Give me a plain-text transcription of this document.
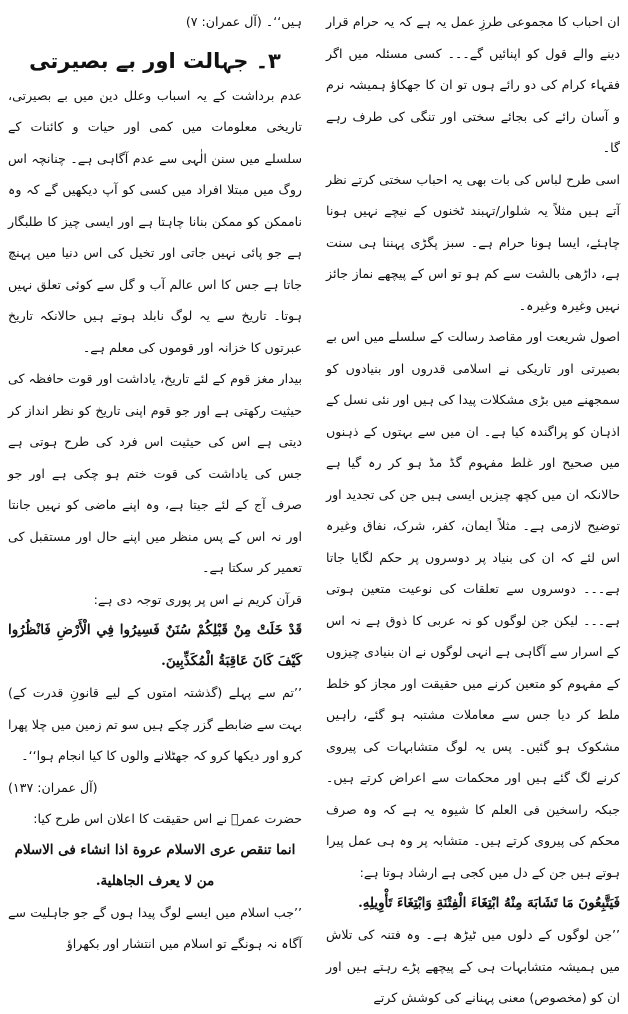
ہیں‘‘۔ (آل عمران: ۷)

۳۔ جہالت اور بے بصیرتی

عدم برداشت کے یہ اسباب وعلل دین میں بے بصیرتی، تاریخی معلومات میں کمی اور حیات و کائنات کے سلسلے میں سنن الٰہی سے عدم آگاہی ہے۔ چنانچہ اس روگ میں مبتلا افراد میں کسی کو آپ دیکھیں گے کہ وہ ناممکن کو ممکن بنانا چاہتا ہے اور ایسی چیز کا طلبگار ہے جو پائی نہیں جاتی اور تخیل کی اس دنیا میں پہنچ جاتا ہے جس کا اس عالم آب و گل سے کوئی تعلق نہیں ہوتا۔ تاریخ سے یہ لوگ نابلد ہوتے ہیں حالانکہ تاریخ عبرتوں کا خزانہ اور قوموں کی معلم ہے۔

بیدار مغز قوم کے لئے تاریخ، یاداشت اور قوت حافظہ کی حیثیت رکھتی ہے اور جو قوم اپنی تاریخ کو نظر انداز کر دیتی ہے اس کی حیثیت اس فرد کی طرح ہوتی ہے جس کی یاداشت کی قوت ختم ہو چکی ہے اور جو صرف آج کے لئے جیتا ہے، وہ اپنے ماضی کو نہیں جانتا اور نہ اس کے پس منظر میں اپنے حال اور مستقبل کی تعمیر کر سکتا ہے۔

قرآن کریم نے اس پر پوری توجہ دی ہے:

قَدْ خَلَتْ مِنْ قَبْلِكُمْ سُنَنٌ فَسِيرُوا فِي الْأَرْضِ فَانْظُرُوا كَيْفَ كَانَ عَاقِبَةُ الْمُكَذِّبِينَ.

’’تم سے پہلے (گذشتہ امتوں کے لیے قانونِ قدرت کے) بہت سے ضابطے گزر چکے ہیں سو تم زمین میں چلا پھرا کرو اور دیکھا کرو کہ جھٹلانے والوں کا کیا انجام ہوا‘‘۔

(آل عمران: ۱۳۷)

حضرت عمرؓ نے اس حقیقت کا اعلان اس طرح کیا:

انما تنقص عرى الاسلام عروة اذا انشاء فى الاسلام من لا يعرف الجاهلية.

’’جب اسلام میں ایسے لوگ پیدا ہوں گے جو جاہلیت سے آگاہ نہ ہونگے تو اسلام میں انتشار اور بکھراؤ

ان احباب کا مجموعی طرزِ عمل یہ ہے کہ یہ حرام قرار دینے والے قول کو اپنائیں گے۔۔۔ کسی مسئلہ میں اگر فقہاء کرام کی دو رائے ہوں تو ان کا جھکاؤ ہمیشہ نرم و آسان رائے کی بجائے سختی اور تنگی کی طرف رہے گا۔

اسی طرح لباس کی بات بھی یہ احباب سختی کرتے نظر آتے ہیں مثلاً یہ شلوار/تہبند ٹخنوں کے نیچے نہیں ہونا چاہئے، ایسا ہونا حرام ہے۔ سبز پگڑی پہننا ہی سنت ہے، داڑھی بالشت سے کم ہو تو اس کے پیچھے نماز جائز نہیں وغیرہ وغیرہ۔

اصول شریعت اور مقاصد رسالت کے سلسلے میں اس بے بصیرتی اور تاریکی نے اسلامی قدروں اور بنیادوں کو سمجھنے میں بڑی مشکلات پیدا کی ہیں اور نئی نسل کے اذہان کو پراگندہ کیا ہے۔ ان میں سے بہتوں کے ذہنوں میں صحیح اور غلط مفہوم گڈ مڈ ہو کر رہ گیا ہے حالانکہ ان میں کچھ چیزیں ایسی ہیں جن کی تجدید اور توضیح لازمی ہے۔ مثلاً ایمان، کفر، شرک، نفاق وغیرہ اس لئے کہ ان کی بنیاد پر دوسروں پر حکم لگایا جاتا ہے۔۔۔ دوسروں سے تعلقات کی نوعیت متعین ہوتی ہے۔۔۔ لیکن جن لوگوں کو نہ عربی کا ذوق ہے نہ اس کے اسرار سے آگاہی ہے انہی لوگوں نے ان بنیادی چیزوں کے مفہوم کو متعین کرنے میں حقیقت اور مجاز کو خلط ملط کر دیا جس سے معاملات مشتبہ ہو گئے، راہیں مشکوک ہو گئیں۔ پس یہ لوگ متشابہات کی پیروی کرنے لگ گئے ہیں اور محکمات سے اعراض کرتے ہیں۔ جبکہ راسخین فی العلم کا شیوہ یہ ہے کہ وہ صرف محکم کی پیروی کرتے ہیں۔ متشابہ پر وہ ہی عمل پیرا ہوتے ہیں جن کے دل میں کجی ہے ارشاد ہوتا ہے:

فَيَتَّبِعُونَ مَا تَشَابَهَ مِنْهُ ابْتِغَاءَ الْفِتْنَةِ وَابْتِغَاءَ تَأْوِيلِهِ.

’’جن لوگوں کے دلوں میں ٹیڑھ ہے۔ وہ فتنہ کی تلاش میں ہمیشہ متشابہات ہی کے پیچھے پڑے رہتے ہیں اور ان کو (مخصوص) معنی پہنانے کی کوشش کرتے
